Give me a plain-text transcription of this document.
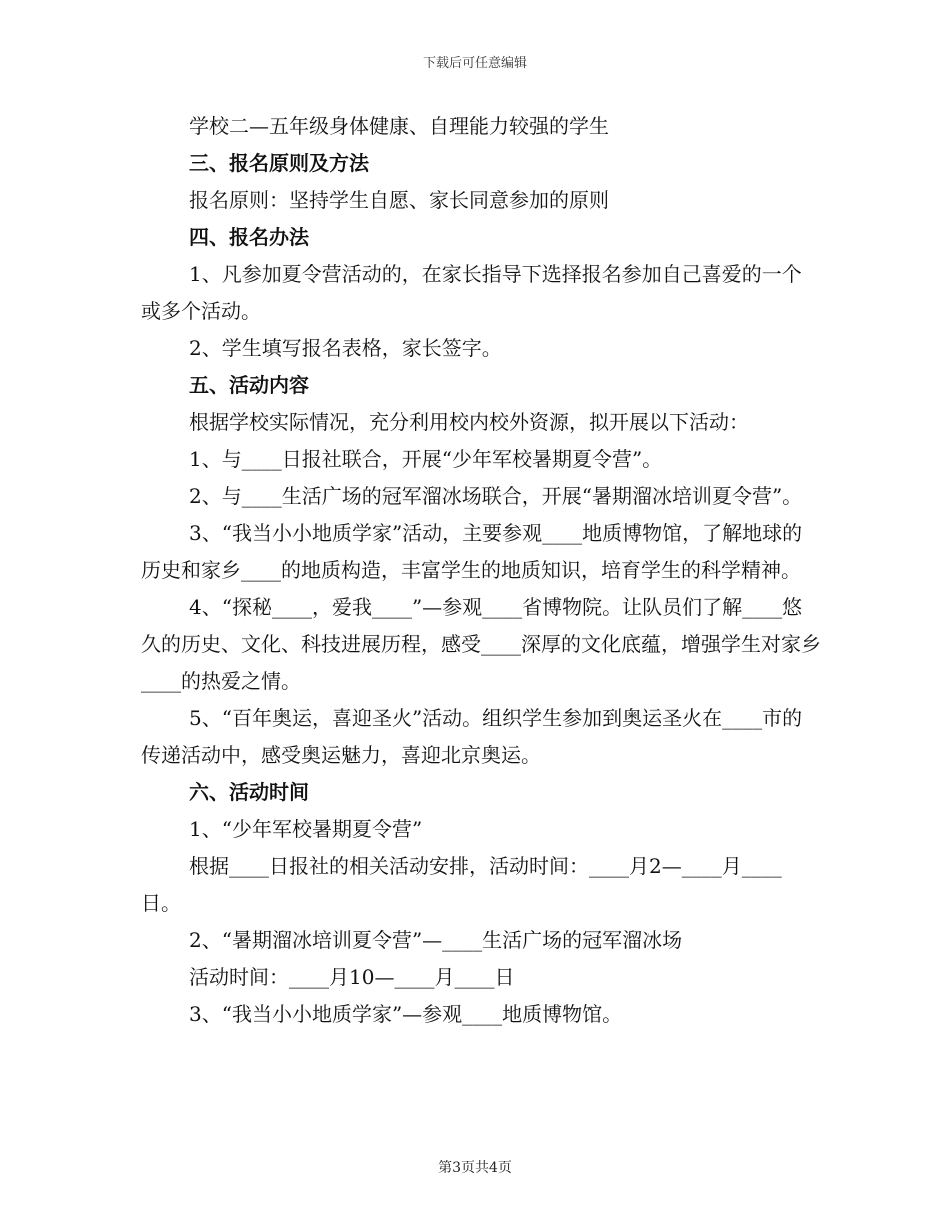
下载后可任意编辑

学校二—五年级身体健康、自理能力较强的学生

三、报名原则及方法

报名原则：坚持学生自愿、家长同意参加的原则

四、报名办法

1、凡参加夏令营活动的，在家长指导下选择报名参加自己喜爱的一个或多个活动。

2、学生填写报名表格，家长签字。

五、活动内容

根据学校实际情况，充分利用校内校外资源，拟开展以下活动：

1、与____日报社联合，开展“少年军校暑期夏令营”。

2、与____生活广场的冠军溜冰场联合，开展“暑期溜冰培训夏令营”。

3、“我当小小地质学家”活动，主要参观____地质博物馆，了解地球的历史和家乡____的地质构造，丰富学生的地质知识，培育学生的科学精神。

4、“探秘____，爱我____”—参观____省博物院。让队员们了解____悠久的历史、文化、科技进展历程，感受____深厚的文化底蕴，增强学生对家乡____的热爱之情。

5、“百年奥运，喜迎圣火”活动。组织学生参加到奥运圣火在____市的传递活动中，感受奥运魅力，喜迎北京奥运。

六、活动时间

1、“少年军校暑期夏令营”

根据____日报社的相关活动安排，活动时间：____月2—____月____日。

2、“暑期溜冰培训夏令营”—____生活广场的冠军溜冰场

活动时间：____月10—____月____日

3、“我当小小地质学家”—参观____地质博物馆。

第3页共4页
